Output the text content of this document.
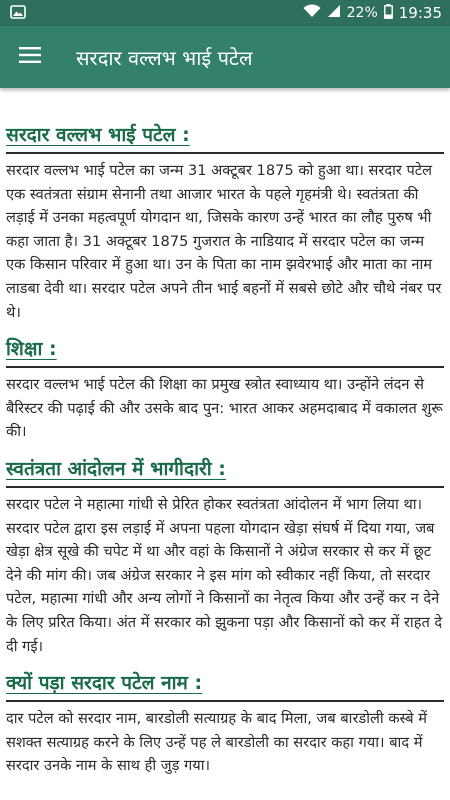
22% 19:35
सरदार वल्लभ भाई पटेल
सरदार वल्लभ भाई पटेल :

सरदार वल्लभ भाई पटेल का जन्म 31 अक्टूबर 1875 को हुआ था। सरदार पटेल एक स्वतंत्रता संग्राम सेनानी तथा आजार भारत के पहले गृहमंत्री थे। स्वतंत्रता की लड़ाई में उनका महत्वपूर्ण योगदान था, जिसके कारण उन्हें भारत का लौह पुरुष भी कहा जाता है। 31 अक्टूबर 1875 गुजरात के नाडियाद में सरदार पटेल का जन्म एक किसान परिवार में हुआ था। उन के पिता का नाम झवेरभाई और माता का नाम लाडबा देवी था। सरदार पटेल अपने तीन भाई बहनों में सबसे छोटे और चौथे नंबर पर थे।

शिक्षा :

सरदार वल्लभ भाई पटेल की शिक्षा का प्रमुख स्त्रोत स्वाध्याय था। उन्होंने लंदन से बैरिस्टर की पढ़ाई की और उसके बाद पुन: भारत आकर अहमदाबाद में वकालत शुरू की।

स्वतंत्रता आंदोलन में भागीदारी :

सरदार पटेल ने महात्मा गांधी से प्रेरित होकर स्वतंत्रता आंदोलन में भाग लिया था। सरदार पटेल द्वारा इस लड़ाई में अपना पहला योगदान खेड़ा संघर्ष में दिया गया, जब खेड़ा क्षेत्र सूखे की चपेट में था और वहां के किसानों ने अंग्रेज सरकार से कर में छूट देने की मांग की। जब अंग्रेज सरकार ने इस मांग को स्वीकार नहीं किया, तो सरदार पटेल, महात्मा गांधी और अन्य लोगों ने किसानों का नेतृत्व किया और उन्हें कर न देने के लिए प्ररित किया। अंत में सरकार को झुकना पड़ा और किसानों को कर में राहत दे दी गई।

क्यों पड़ा सरदार पटेल नाम :

दार पटेल को सरदार नाम, बारडोली सत्याग्रह के बाद मिला, जब बारडोली कस्बे में सशक्त सत्याग्रह करने के लिए उन्हें पह ले बारडोली का सरदार कहा गया। बाद में सरदार उनके नाम के साथ ही जुड़ गया।
